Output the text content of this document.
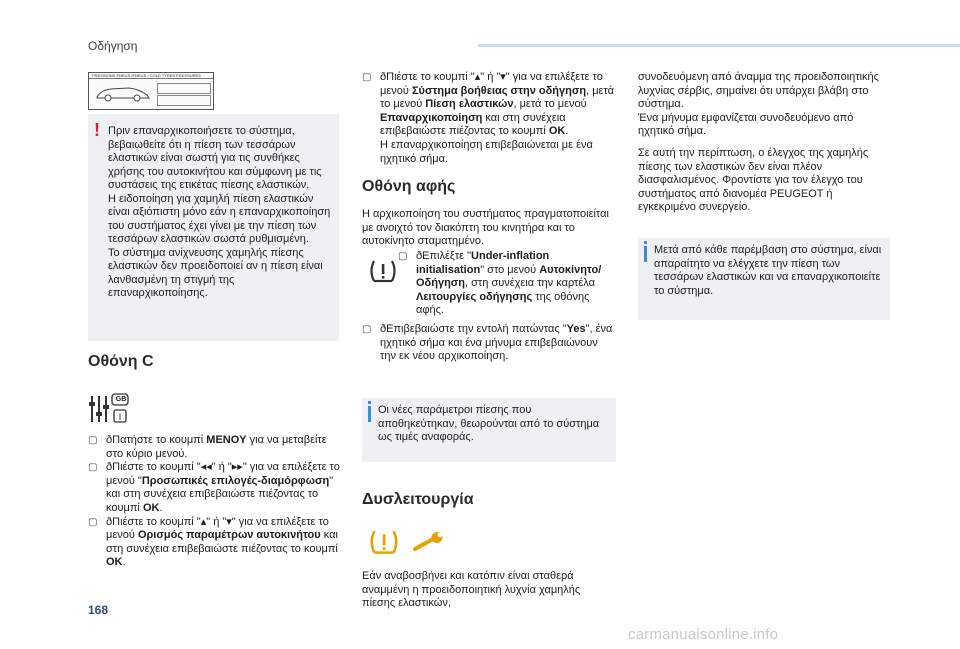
Οδήγηση
PRESSIONS PNEUS /PNEUS / COLD TYRES PRESSURES
! Πριν επαναρχικοποιήσετε το σύστημα, βεβαιωθείτε ότι η πίεση των τεσσάρων ελαστικών είναι σωστή για τις συνθήκες χρήσης του αυτοκινήτου και σύμφωνη με τις συστάσεις της ετικέτας πίεσης ελαστικών.

Η ειδοποίηση για χαμηλή πίεση ελαστικών είναι αξιόπιστη μόνο εάν η επαναρχικοποίηση του συστήματος έχει γίνει με την πίεση των τεσσάρων ελαστικών σωστά ρυθμισμένη.

Το σύστημα ανίχνευσης χαμηλής πίεσης ελαστικών δεν προειδοποιεί αν η πίεση είναι λανθασμένη τη στιγμή της επαναρχικοποίησης.

Οθόνη C
I
GB
ð ▢ Πατήστε το κουμπί MENOY για να μεταβείτε στο κύριο μενού.
ð ▢ Πιέστε το κουμπί "◂◂" ή "▸▸" για να επιλέξετε το μενού "Προσωπικές επιλογές-διαμόρφωση" και στη συνέχεια επιβεβαιώστε πιέζοντας το κουμπί OK.
ð ▢ Πιέστε το κουμπί "▴" ή "▾" για να επιλέξετε το μενού Ορισμός παραμέτρων αυτοκινήτου και στη συνέχεια επιβεβαιώστε πιέζοντας το κουμπί OK.
ð ▢ Πιέστε το κουμπί "▴" ή "▾" για να επιλέξετε το μενού Σύστημα βοήθειας στην οδήγηση, μετά το μενού Πίεση ελαστικών, μετά το μενού Επαναρχικοποίηση και στη συνέχεια επιβεβαιώστε πιέζοντας το κουμπί OK.
Η επαναρχικοποίηση επιβεβαιώνεται με ένα ηχητικό σήμα.
Οθόνη αφής

Η αρχικοποίηση του συστήματος πραγματοποιείται με ανοιχτό τον διακόπτη του κινητήρα και το αυτοκίνητο σταματημένο.

ð ▢ Επιλέξτε "Under-inflation initialisation" στο μενού Αυτοκίνητο/Οδήγηση, στη συνέχεια την καρτέλα Λειτουργίες οδήγησης της οθόνης αφής.
ð ▢ Επιβεβαιώστε την εντολή πατώντας "Yes", ένα ηχητικό σήμα και ένα μήνυμα επιβεβαιώνουν την εκ νέου αρχικοποίηση.

Οι νέες παράμετροι πίεσης που αποθηκεύτηκαν, θεωρούνται από το σύστημα ως τιμές αναφοράς.

Δυσλειτουργία

Εάν αναβοσβήνει και κατόπιν είναι σταθερά αναμμένη η προειδοποιητική λυχνία χαμηλής πίεσης ελαστικών,

συνοδευόμενη από άναμμα της προειδοποιητικής λυχνίας σέρβις, σημαίνει ότι υπάρχει βλάβη στο σύστημα.

Ένα μήνυμα εμφανίζεται συνοδευόμενο από ηχητικό σήμα.

Σε αυτή την περίπτωση, ο έλεγχος της χαμηλής πίεσης των ελαστικών δεν είναι πλέον διασφαλισμένος. Φροντίστε για τον έλεγχο του συστήματος από διανομέα PEUGEOT ή εγκεκριμένο συνεργείο.

Μετά από κάθε παρέμβαση στο σύστημα, είναι απαραίτητο να ελέγχετε την πίεση των τεσσάρων ελαστικών και να επαναρχικοποιείτε το σύστημα.

168
carmanualsonline.info
